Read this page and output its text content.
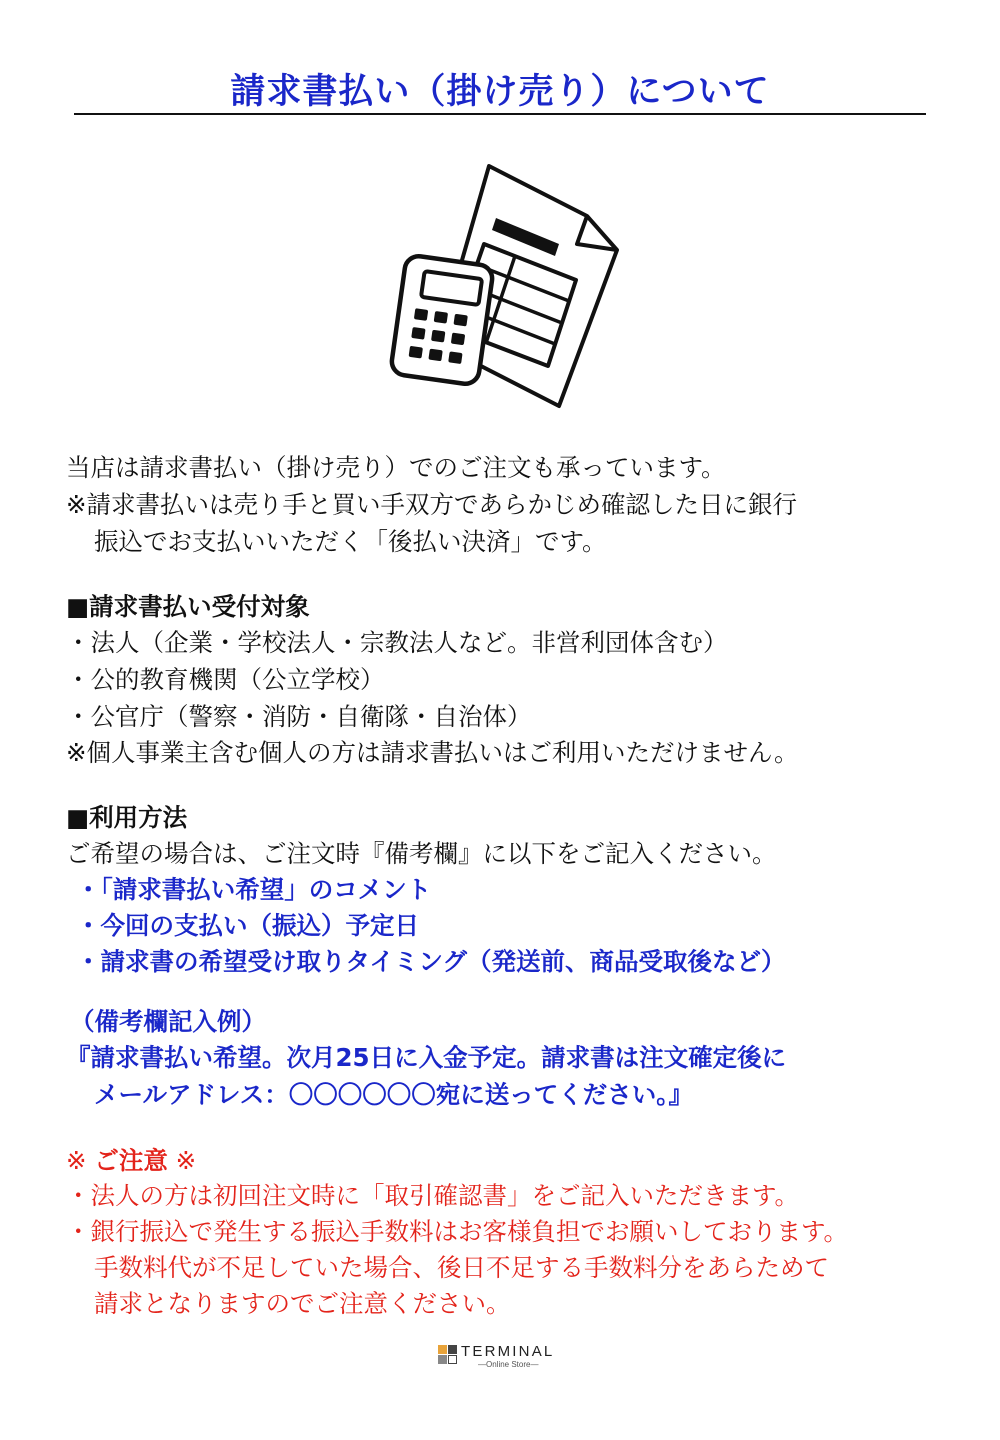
請求書払い（掛け売り）について
当店は請求書払い（掛け売り）でのご注文も承っています。
※請求書払いは売り手と買い手双方であらかじめ確認した日に銀行
振込でお支払いいただく「後払い決済」です。
■請求書払い受付対象
・法人（企業・学校法人・宗教法人など。非営利団体含む）
・公的教育機関（公立学校）
・公官庁（警察・消防・自衛隊・自治体）
※個人事業主含む個人の方は請求書払いはご利用いただけません。
■利用方法
ご希望の場合は、ご注文時『備考欄』に以下をご記入ください。
・「請求書払い希望」のコメント
・今回の支払い（振込）予定日
・請求書の希望受け取りタイミング（発送前、商品受取後など）
（備考欄記入例）
『請求書払い希望。次月25日に入金予定。請求書は注文確定後に
メールアドレス：〇〇〇〇〇〇宛に送ってください。』
※ ご注意 ※
・法人の方は初回注文時に「取引確認書」をご記入いただきます。
・銀行振込で発生する振込手数料はお客様負担でお願いしております。
手数料代が不足していた場合、後日不足する手数料分をあらためて
請求となりますのでご注意ください。
TERMINAL
—Online Store—
